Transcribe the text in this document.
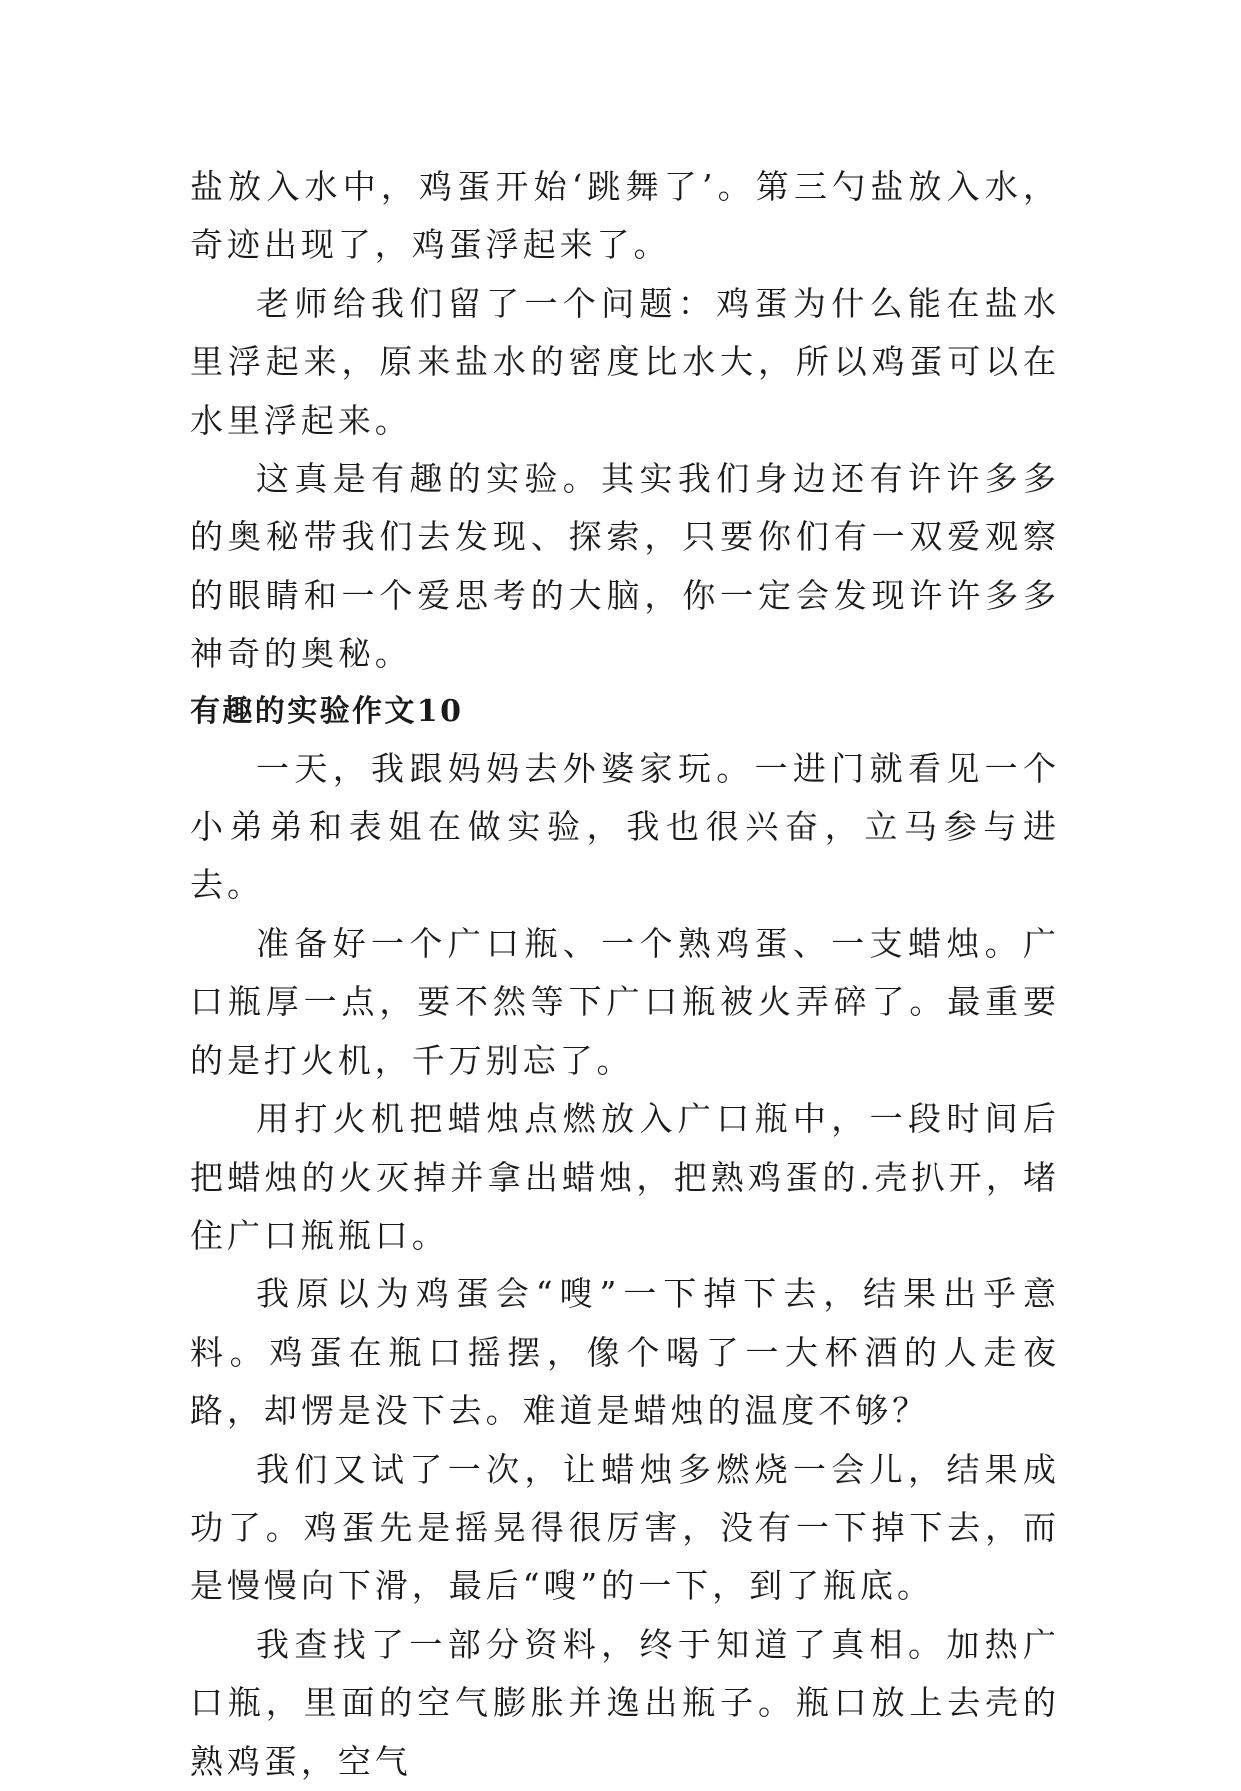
盐放入水中，鸡蛋开始‘跳舞了’。第三勺盐放入水，奇迹出现了，鸡蛋浮起来了。

老师给我们留了一个问题：鸡蛋为什么能在盐水里浮起来，原来盐水的密度比水大，所以鸡蛋可以在水里浮起来。

这真是有趣的实验。其实我们身边还有许许多多的奥秘带我们去发现、探索，只要你们有一双爱观察的眼睛和一个爱思考的大脑，你一定会发现许许多多神奇的奥秘。

有趣的实验作文10

一天，我跟妈妈去外婆家玩。一进门就看见一个小弟弟和表姐在做实验，我也很兴奋，立马参与进去。

准备好一个广口瓶、一个熟鸡蛋、一支蜡烛。广口瓶厚一点，要不然等下广口瓶被火弄碎了。最重要的是打火机，千万别忘了。

用打火机把蜡烛点燃放入广口瓶中，一段时间后把蜡烛的火灭掉并拿出蜡烛，把熟鸡蛋的.壳扒开，堵住广口瓶瓶口。

我原以为鸡蛋会“嗖”一下掉下去，结果出乎意料。鸡蛋在瓶口摇摆，像个喝了一大杯酒的人走夜路，却愣是没下去。难道是蜡烛的温度不够？

我们又试了一次，让蜡烛多燃烧一会儿，结果成功了。鸡蛋先是摇晃得很厉害，没有一下掉下去，而是慢慢向下滑，最后“嗖”的一下，到了瓶底。

我查找了一部分资料，终于知道了真相。加热广口瓶，里面的空气膨胀并逸出瓶子。瓶口放上去壳的熟鸡蛋，空气
